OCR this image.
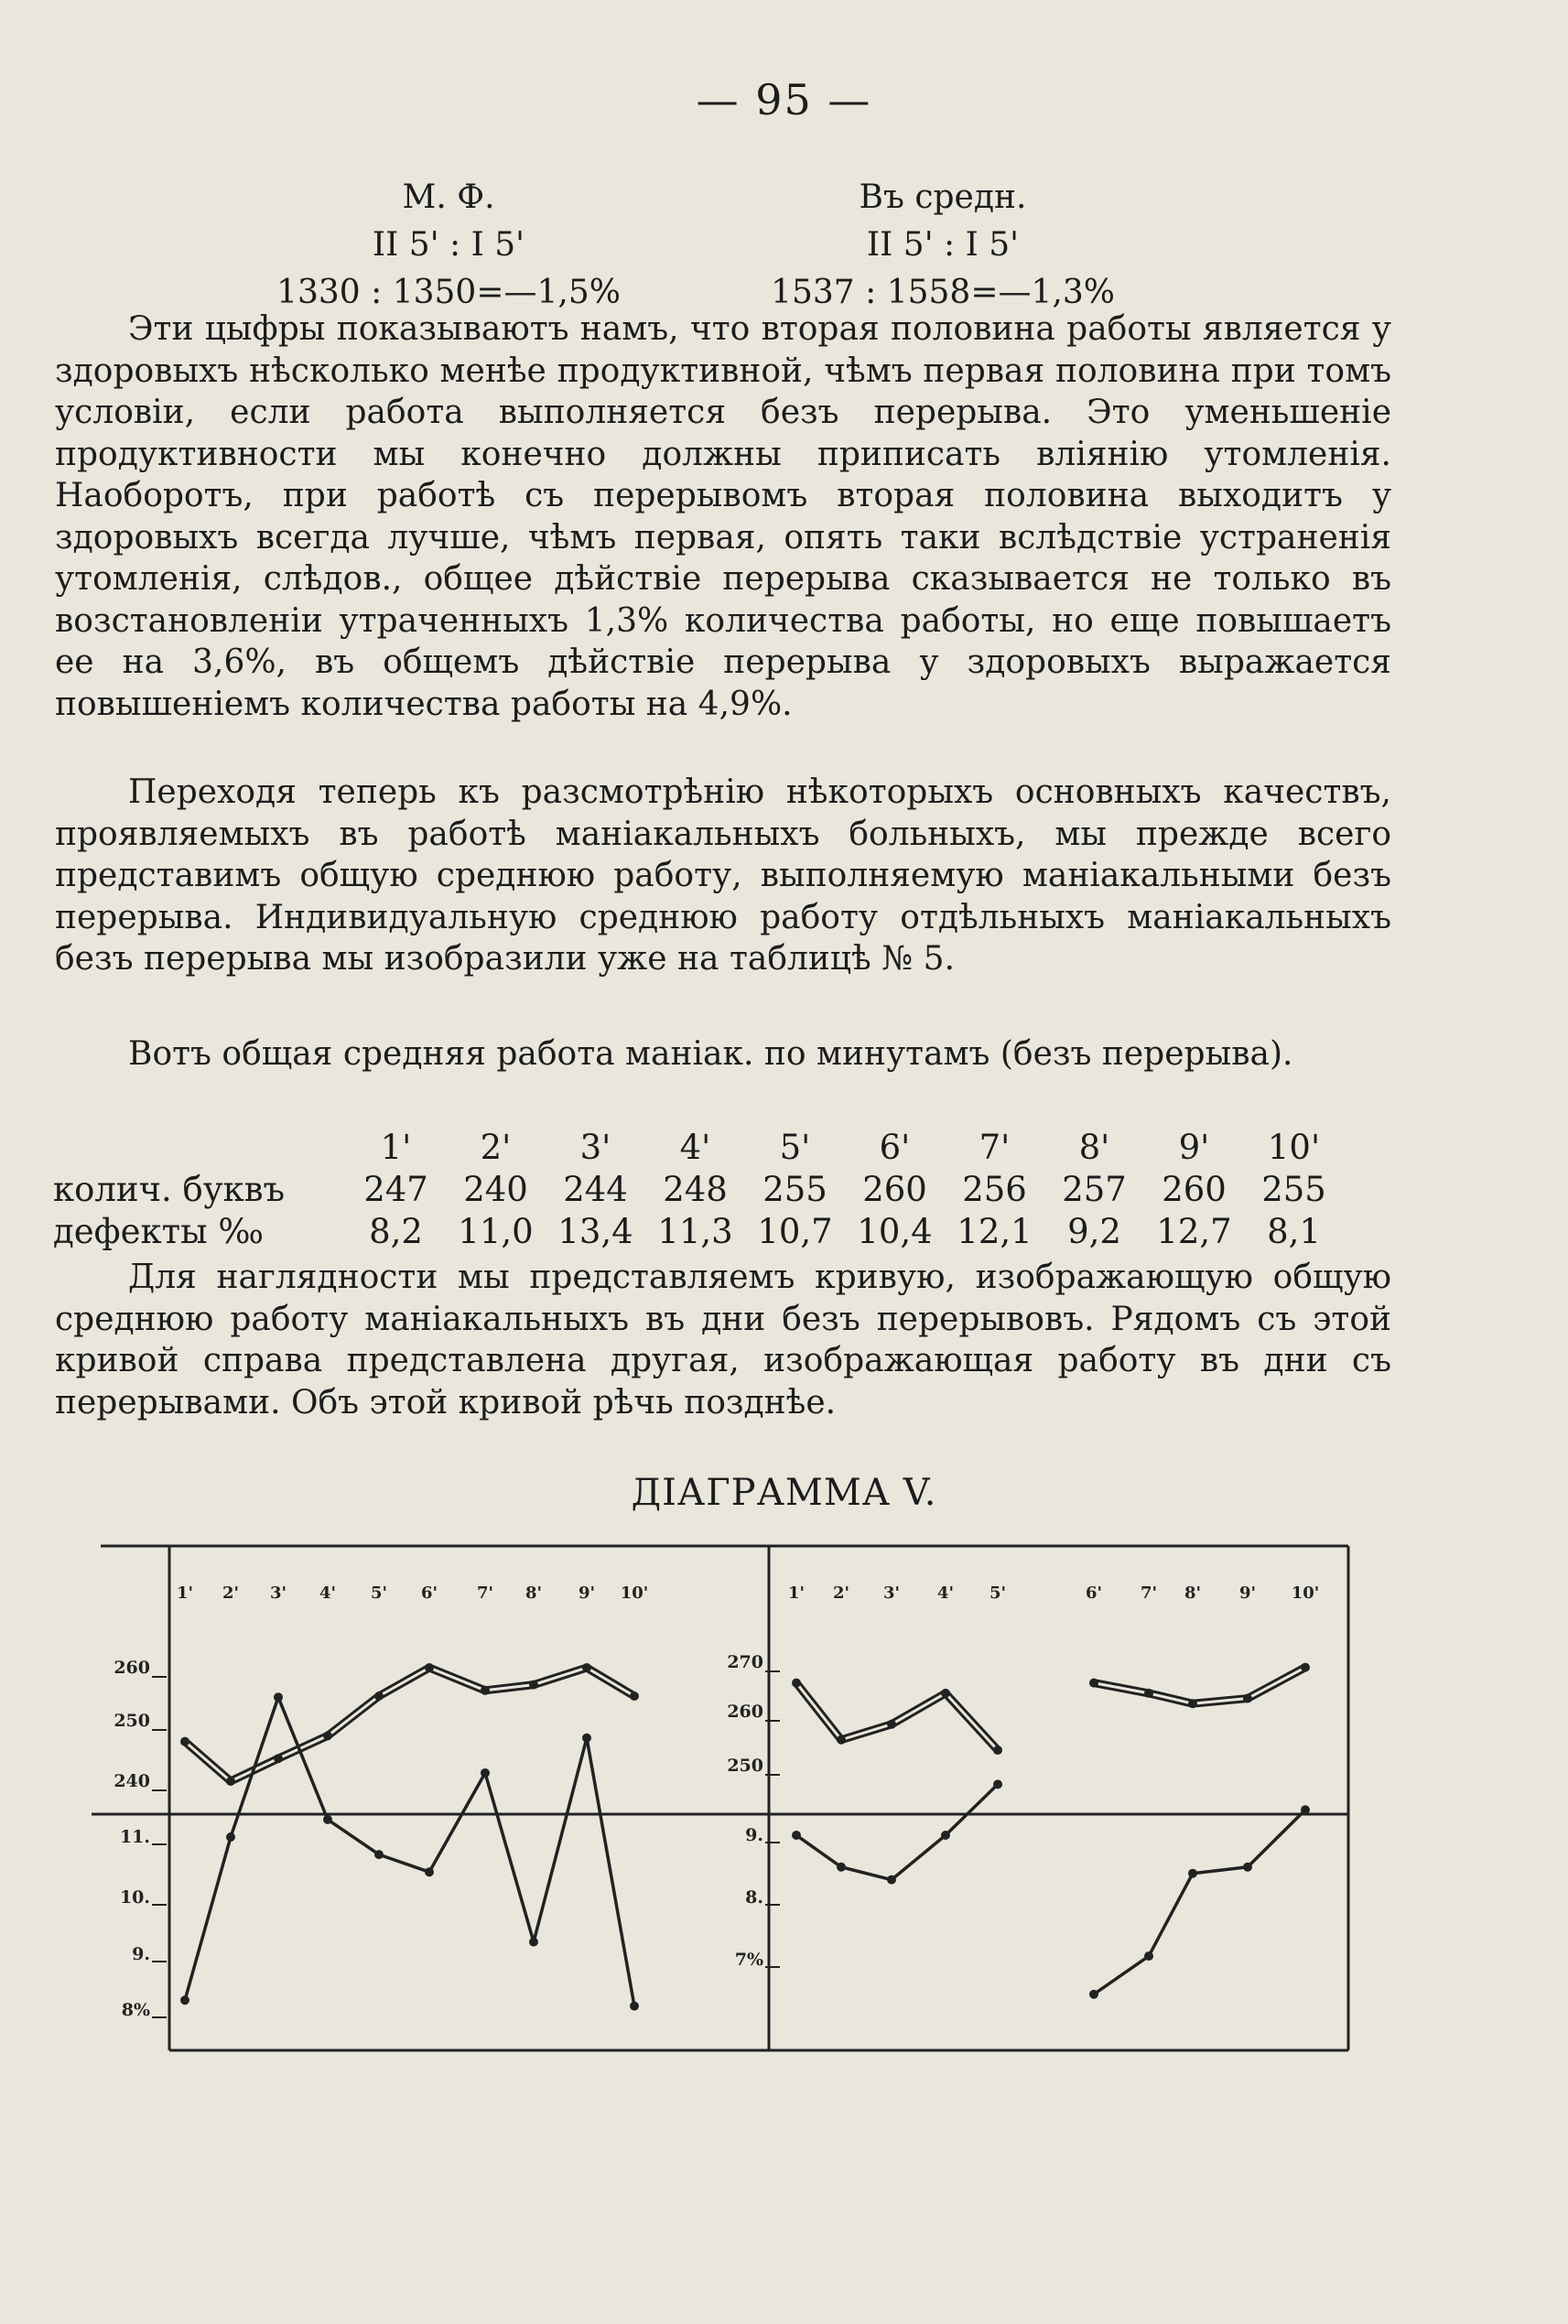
— 95 —
М. Ф.
II 5' : I 5'
1330 : 1350=—1,5%
Въ средн.
II 5' : I 5'
1537 : 1558=—1,3%

Эти цыфры показываютъ намъ, что вторая половина работы является у здоровыхъ нѣсколько менѣе продуктивной, чѣмъ первая половина при томъ условіи, если работа выполняется безъ перерыва. Это уменьшеніе продуктивности мы конечно должны приписать вліянію утомленія. Наоборотъ, при работѣ съ перерывомъ вторая половина выходитъ у здоровыхъ всегда лучше, чѣмъ первая, опять таки вслѣдствіе устраненія утомленія, слѣдов., общее дѣйствіе перерыва сказывается не только въ возстановленіи утраченныхъ 1,3% количества работы, но еще повышаетъ ее на 3,6%, въ общемъ дѣйствіе перерыва у здоровыхъ выражается повышеніемъ количества работы на 4,9%.

Переходя теперь къ разсмотрѣнію нѣкоторыхъ основныхъ качествъ, проявляемыхъ въ работѣ маніакальныхъ больныхъ, мы прежде всего представимъ общую среднюю работу, выполняемую маніакальными безъ перерыва. Индивидуальную среднюю работу отдѣльныхъ маніакальныхъ безъ перерыва мы изобразили уже на таблицѣ № 5.

Вотъ общая средняя работа маніак. по минутамъ (безъ перерыва).

	1'	2'	3'	4'	5'	6'	7'	8'	9'	10'
колич. буквъ	247	240	244	248	255	260	256	257	260	255
дефекты ‰	8,2	11,0	13,4	11,3	10,7	10,4	12,1	9,2	12,7	8,1

Для наглядности мы представляемъ кривую, изображающую общую среднюю работу маніакальныхъ въ дни безъ перерывовъ. Рядомъ съ этой кривой справа представлена другая, изображающая работу въ дни съ перерывами. Объ этой кривой рѣчь позднѣе.

ДІАГРАММА V.
1' 2' 3' 4' 5' 6' 7' 8' 9' 10'
260
250
240
11.
10.
9.
8%
1' 2' 3' 4' 5'	6' 7' 8' 9' 10'
270
260
250
9.
8.
7%
